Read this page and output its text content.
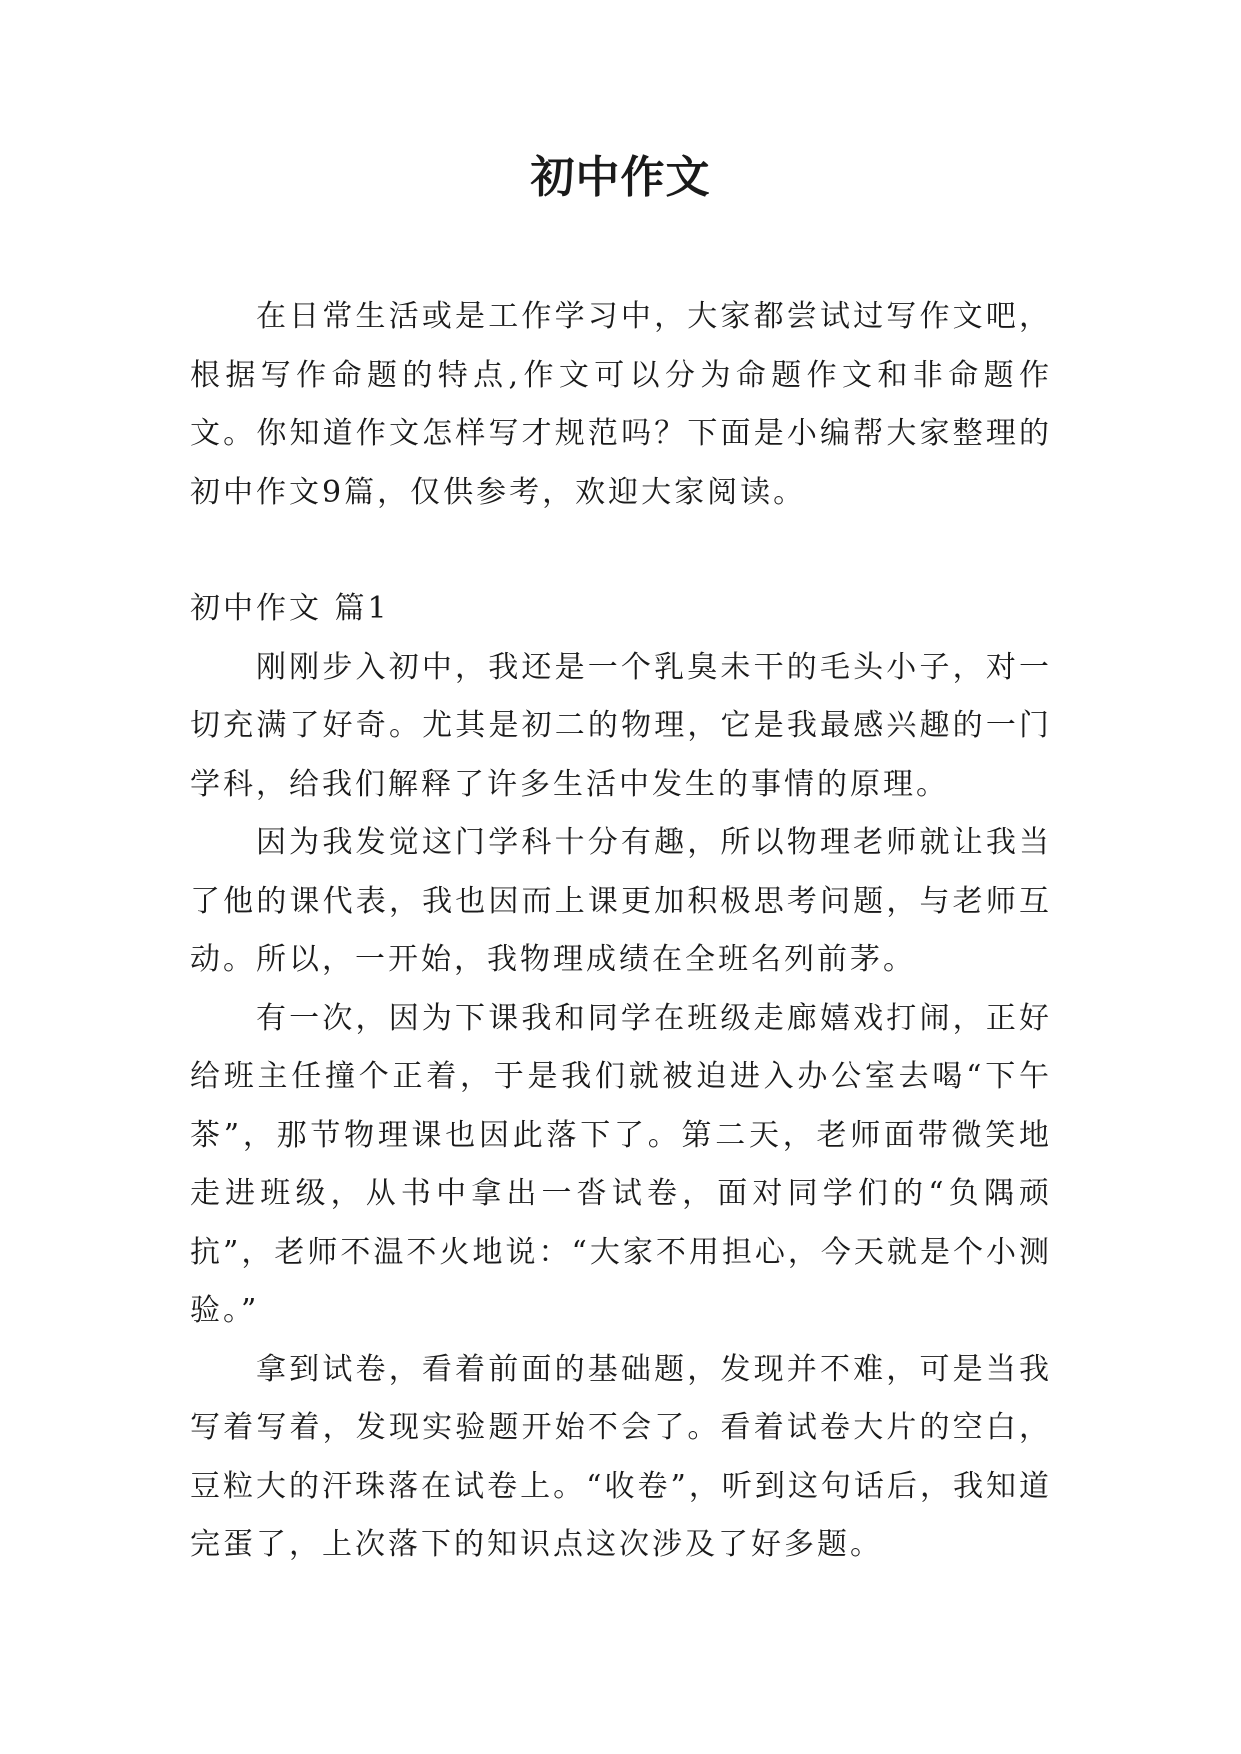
初中作文

在日常生活或是工作学习中，大家都尝试过写作文吧，根据写作命题的特点,作文可以分为命题作文和非命题作文。你知道作文怎样写才规范吗？下面是小编帮大家整理的初中作文9篇，仅供参考，欢迎大家阅读。

初中作文 篇1

刚刚步入初中，我还是一个乳臭未干的毛头小子，对一切充满了好奇。尤其是初二的物理，它是我最感兴趣的一门学科，给我们解释了许多生活中发生的事情的原理。

因为我发觉这门学科十分有趣，所以物理老师就让我当了他的课代表，我也因而上课更加积极思考问题，与老师互动。所以，一开始，我物理成绩在全班名列前茅。

有一次，因为下课我和同学在班级走廊嬉戏打闹，正好给班主任撞个正着，于是我们就被迫进入办公室去喝“下午茶”，那节物理课也因此落下了。第二天，老师面带微笑地走进班级，从书中拿出一沓试卷，面对同学们的“负隅顽抗”，老师不温不火地说：“大家不用担心，今天就是个小测验。”

拿到试卷，看着前面的基础题，发现并不难，可是当我写着写着，发现实验题开始不会了。看着试卷大片的空白，豆粒大的汗珠落在试卷上。“收卷”，听到这句话后，我知道完蛋了，上次落下的知识点这次涉及了好多题。
